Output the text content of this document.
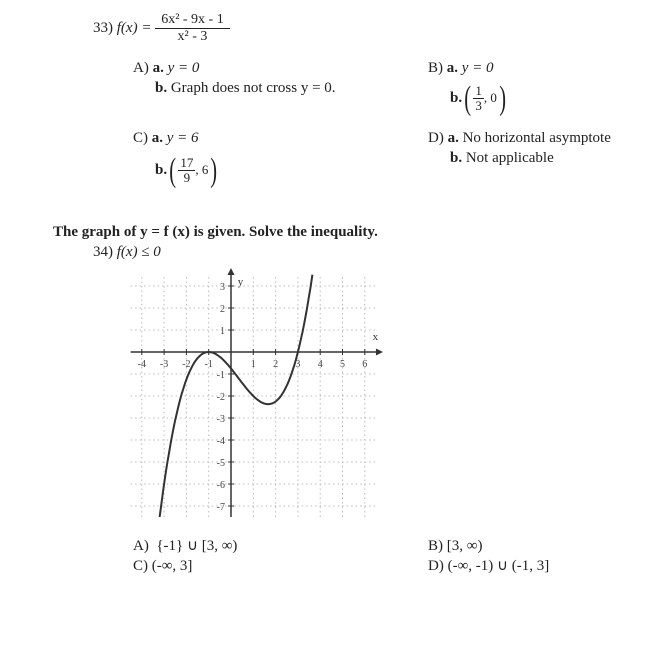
33) $f(x) = \frac{\text{6x² - 9x - 1}}{\text{x² - 3}}$
A) a. y = 0
b. Graph does not cross y = 0.
B) a. y = 0
$b.( \frac{1}{3}$ , 0)
C) a. y = 6
$b.( \frac{17}{9}$ , 6)
D) a. No horizontal asymptote
b. Not applicable
The graph of y = f (x) is given. Solve the inequality.
34) f(x) ≤ 0
x
y
-4 -3 -2 -1	1 2 3 4 5 6
3
2
1
-1
-2
-3
-4
-5
-6
-7
A) {-1} ∪ [3, ∞)	B) [3, ∞)
C) (-∞, 3]	D) (-∞, -1) ∪ (-1, 3]
